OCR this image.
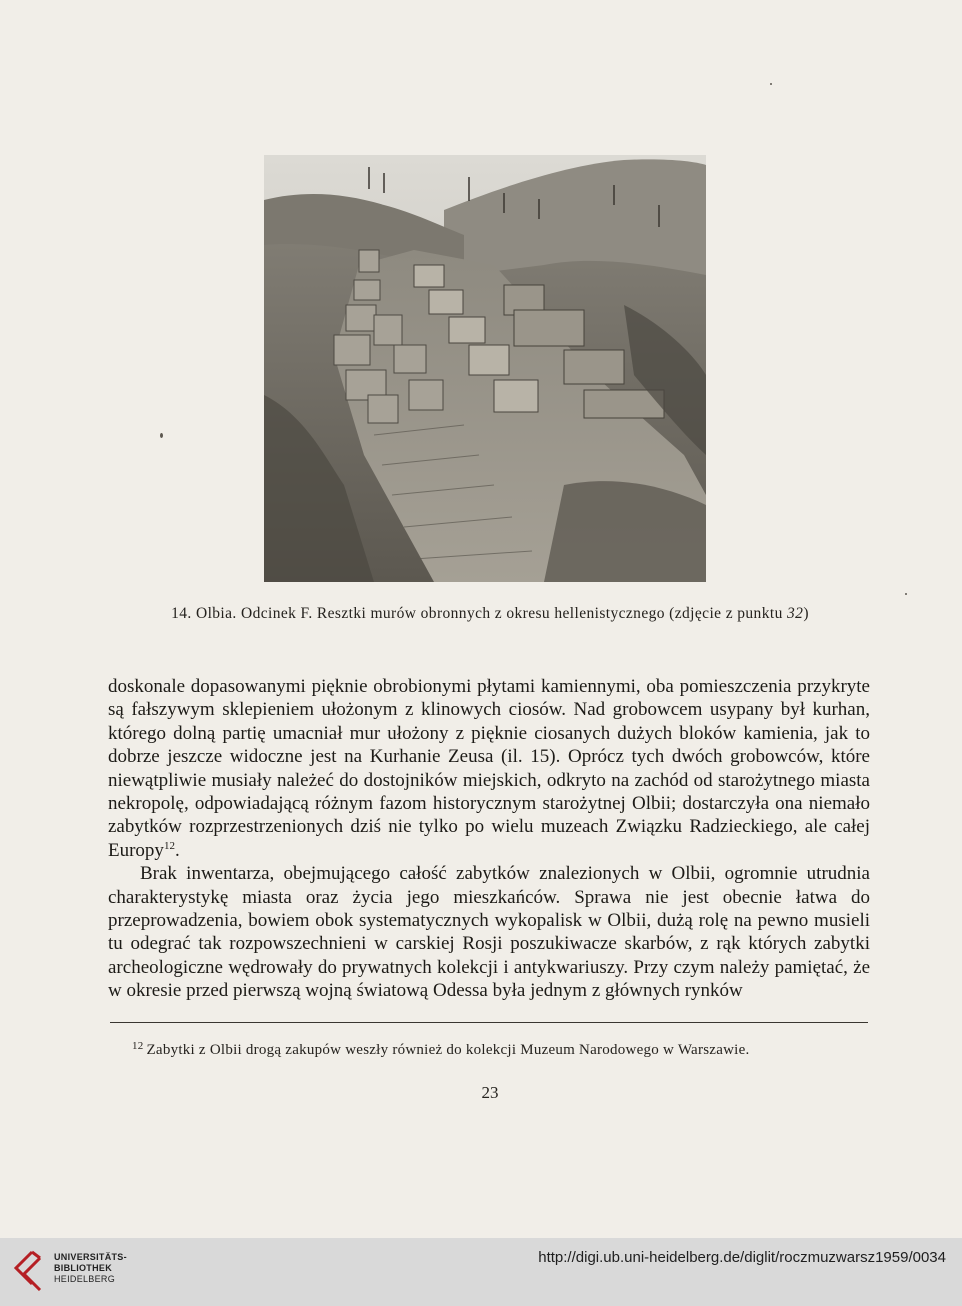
14. Olbia. Odcinek F. Resztki murów obronnych z okresu hellenistycznego (zdjęcie z punktu 32)

doskonale dopasowanymi pięknie obrobionymi płytami kamiennymi, oba pomieszczenia przykryte są fałszywym sklepieniem ułożonym z klinowych ciosów. Nad grobowcem usypany był kurhan, którego dolną partię umacniał mur ułożony z pięknie ciosanych dużych bloków kamienia, jak to dobrze jeszcze widoczne jest na Kurhanie Zeusa (il. 15). Oprócz tych dwóch grobowców, które niewątpliwie musiały należeć do dostojników miejskich, odkryto na zachód od starożytnego miasta nekropolę, odpowiadającą różnym fazom historycznym starożytnej Olbii; dostarczyła ona niemało zabytków rozprzestrzenionych dziś nie tylko po wielu muzeach Związku Radzieckiego, ale całej Europy$^{12}$.

Brak inwentarza, obejmującego całość zabytków znalezionych w Olbii, ogromnie utrudnia charakterystykę miasta oraz życia jego mieszkańców. Sprawa nie jest obecnie łatwa do przeprowadzenia, bowiem obok systematycznych wykopalisk w Olbii, dużą rolę na pewno musieli tu odegrać tak rozpowszechnieni w carskiej Rosji poszukiwacze skarbów, z rąk których zabytki archeologiczne wędrowały do prywatnych kolekcji i antykwariuszy. Przy czym należy pamiętać, że w okresie przed pierwszą wojną światową Odessa była jednym z głównych rynków

$^{12}$ Zabytki z Olbii drogą zakupów weszły również do kolekcji Muzeum Narodowego w Warszawie.
23
UNIVERSITÄTS-
BIBLIOTHEK
HEIDELBERG
http://digi.ub.uni-heidelberg.de/diglit/roczmuzwarsz1959/0034
